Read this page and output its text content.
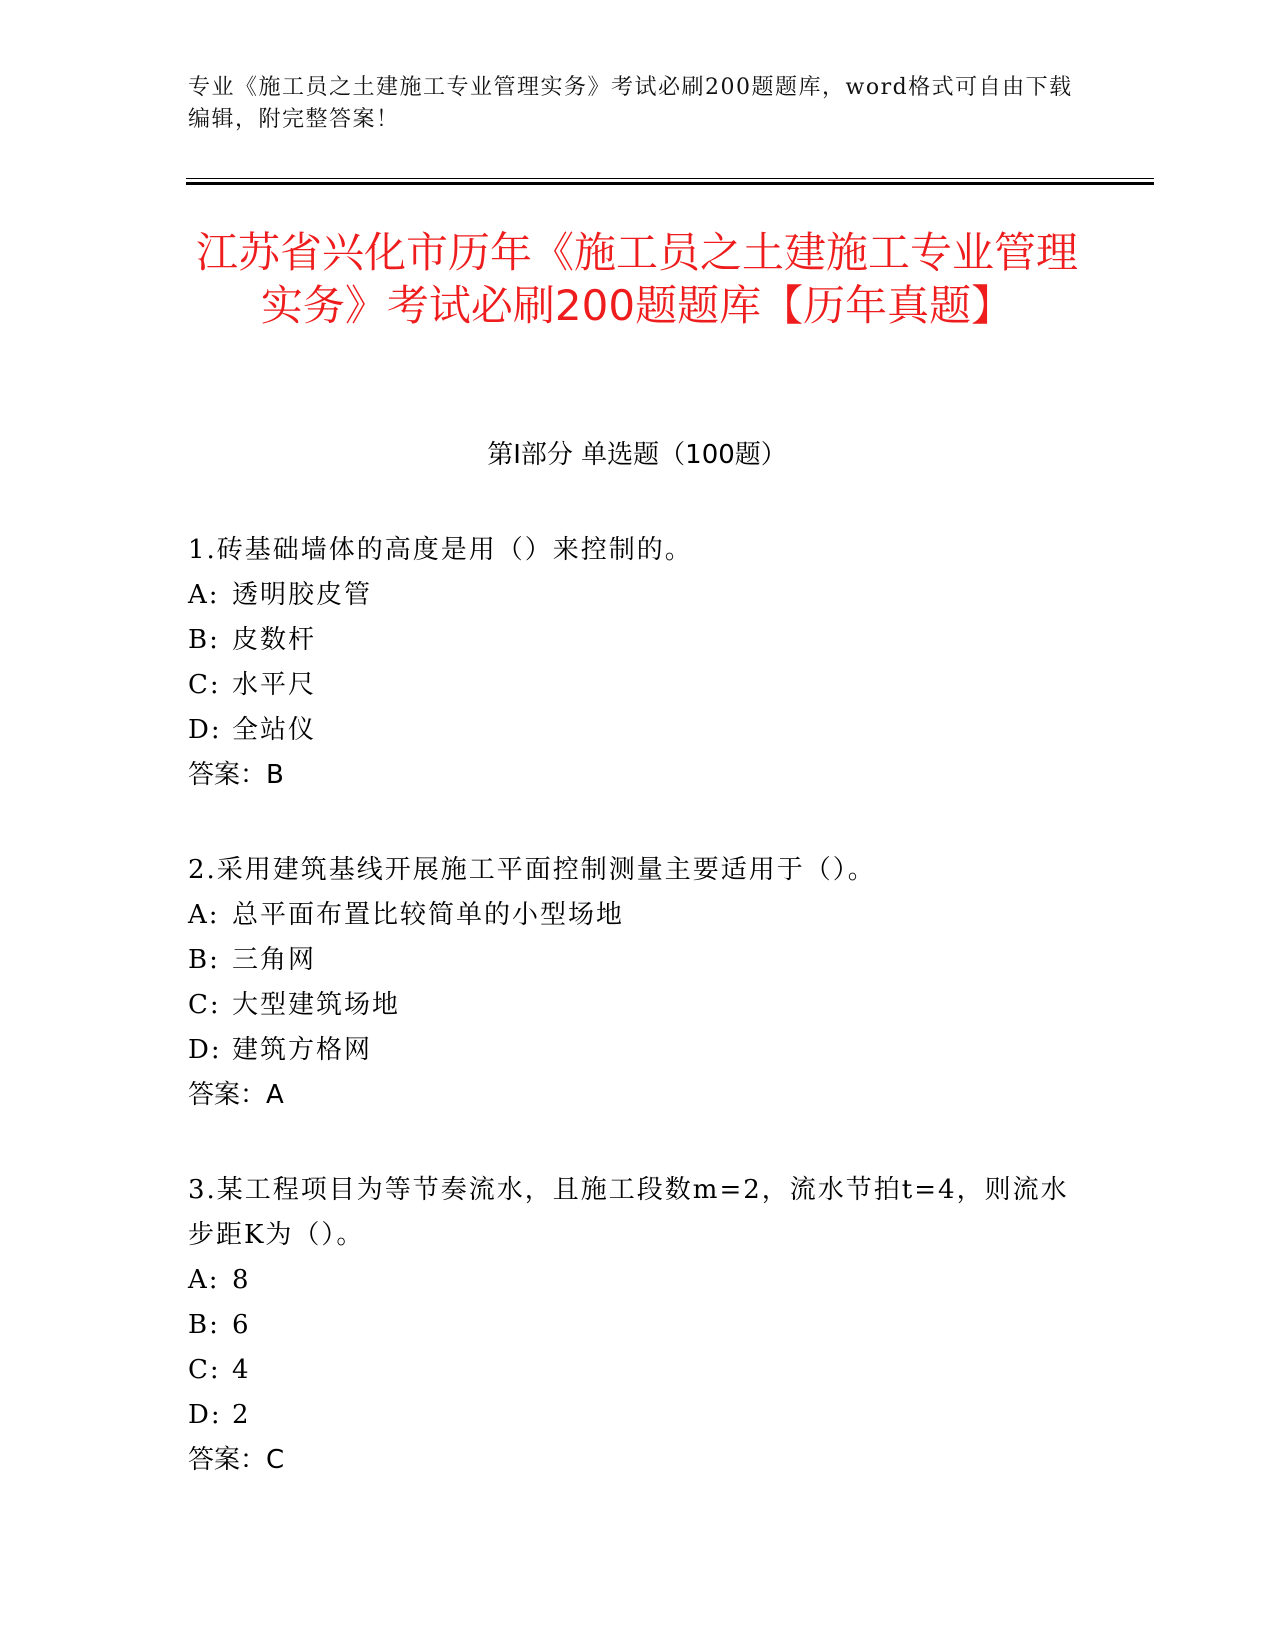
专业《施工员之土建施工专业管理实务》考试必刷200题题库，word格式可自由下载编辑，附完整答案！
江苏省兴化市历年《施工员之土建施工专业管理实务》考试必刷200题题库【历年真题】
第I部分 单选题（100题）
1.砖基础墙体的高度是用（）来控制的。
A: 透明胶皮管
B: 皮数杆
C: 水平尺
D: 全站仪
答案：B
2.采用建筑基线开展施工平面控制测量主要适用于（）。
A: 总平面布置比较简单的小型场地
B: 三角网
C: 大型建筑场地
D: 建筑方格网
答案：A
3.某工程项目为等节奏流水，且施工段数m=2，流水节拍t=4，则流水步距K为（）。
A: 8
B: 6
C: 4
D: 2
答案：C
